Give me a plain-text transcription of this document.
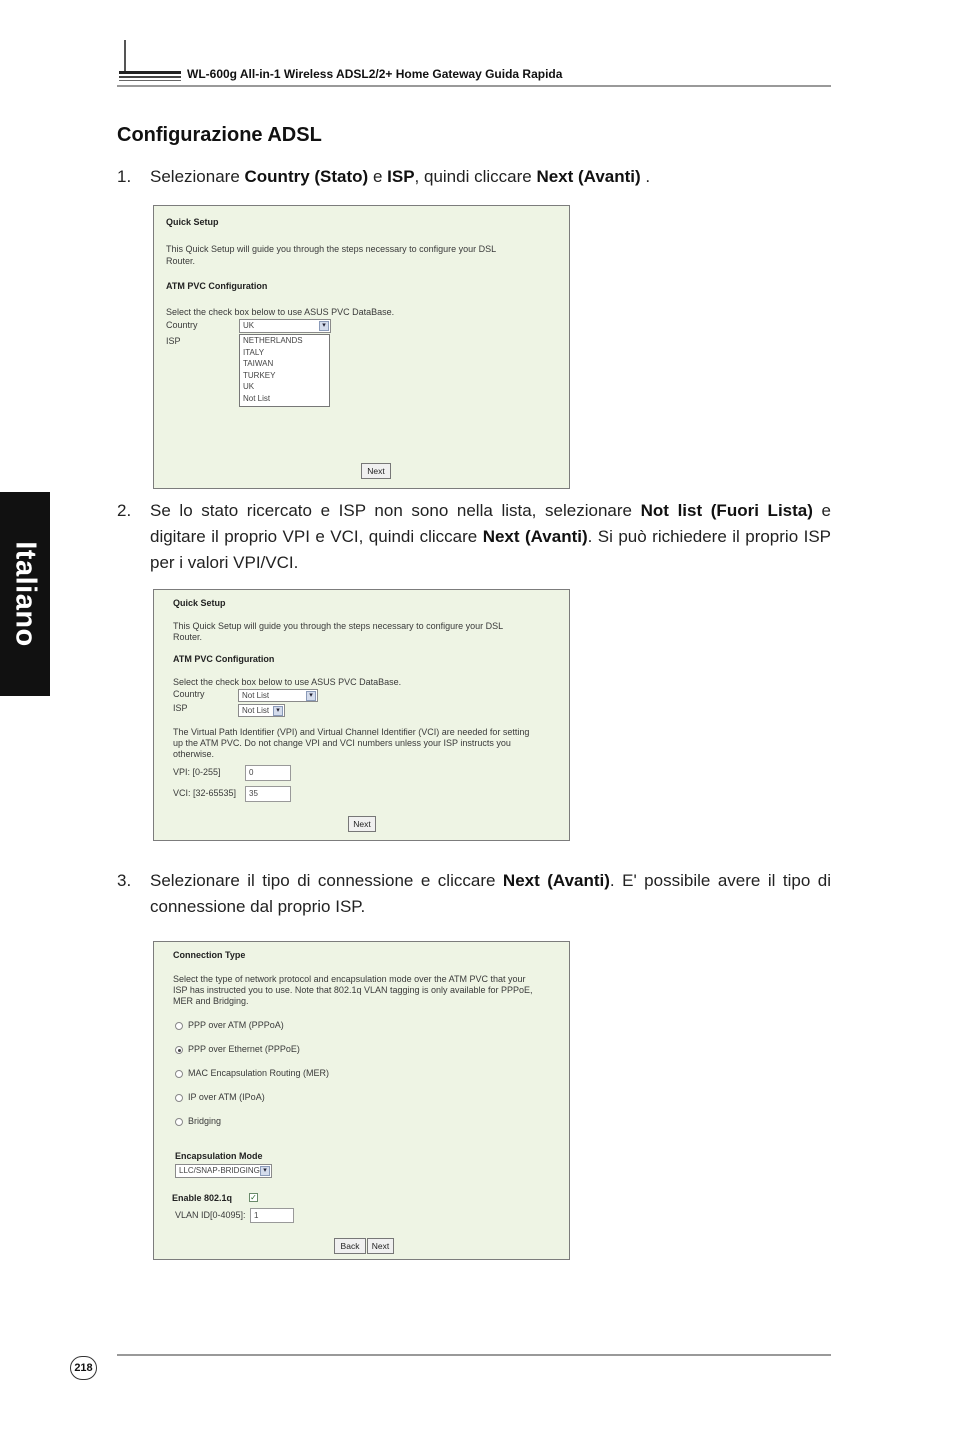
WL-600g All-in-1 Wireless ADSL2/2+ Home Gateway Guida Rapida
Italiano
Configurazione ADSL
1. Selezionare Country (Stato) e ISP, quindi cliccare Next (Avanti) .
Quick Setup
This Quick Setup will guide you through the steps necessary to configure your DSL
Router.
ATM PVC Configuration
Select the check box below to use ASUS PVC DataBase.
Country	UK	▾
ISP	NETHERLANDS
ITALY
TAIWAN
TURKEY
UK
Not List
Next
2. Se lo stato ricercato e ISP non sono nella lista, selezionare Not list (Fuori Lista) e digitare il proprio VPI e VCI, quindi cliccare Next (Avanti). Si può richiedere il proprio ISP per i valori VPI/VCI.
Quick Setup
This Quick Setup will guide you through the steps necessary to configure your DSL
Router.
ATM PVC Configuration
Select the check box below to use ASUS PVC DataBase.
Country	Not List	▾
ISP	Not List	▾
The Virtual Path Identifier (VPI) and Virtual Channel Identifier (VCI) are needed for setting
up the ATM PVC. Do not change VPI and VCI numbers unless your ISP instructs you
otherwise.
VPI: [0-255]	0
VCI: [32-65535]	35
Next
3. Selezionare il tipo di connessione e cliccare Next (Avanti). E' possibile avere il tipo di connessione dal proprio ISP.
Connection Type
Select the type of network protocol and encapsulation mode over the ATM PVC that your
ISP has instructed you to use. Note that 802.1q VLAN tagging is only available for PPPoE,
MER and Bridging.
PPP over ATM (PPPoA)
PPP over Ethernet (PPPoE)
MAC Encapsulation Routing (MER)
IP over ATM (IPoA)
Bridging
Encapsulation Mode
LLC/SNAP-BRIDGING ▾
Enable 802.1q ✓
VLAN ID[0-4095]:	1
Back	Next
218
